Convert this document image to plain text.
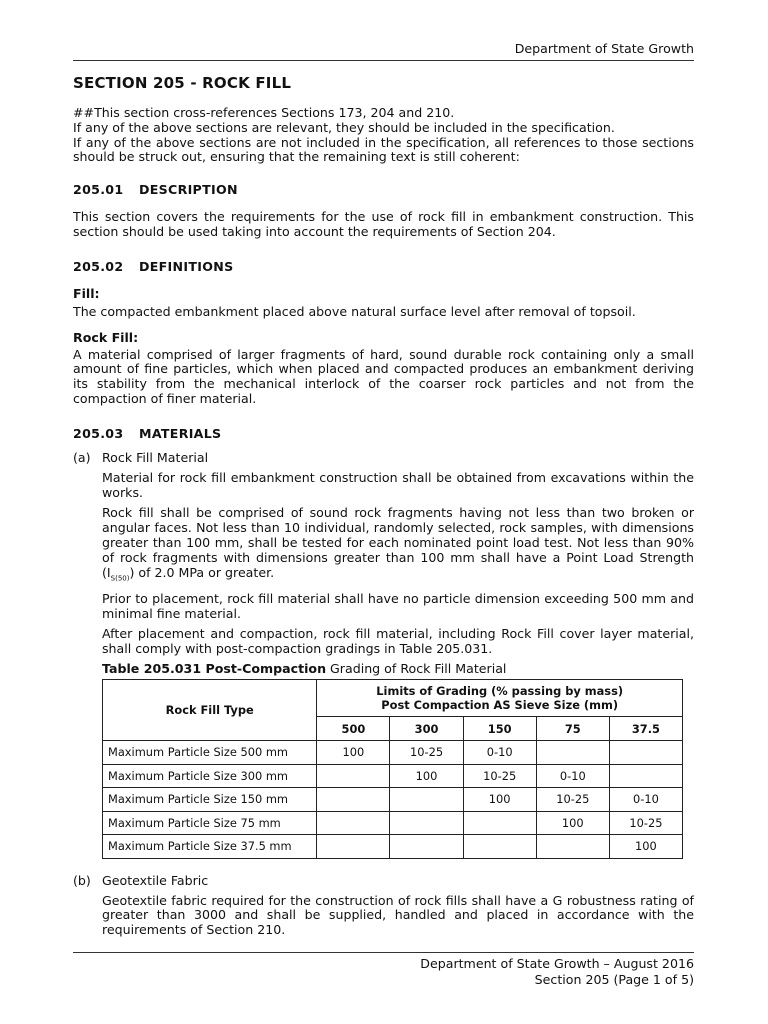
Department of State Growth
SECTION 205 - ROCK FILL

##This section cross-references Sections 173, 204 and 210.

If any of the above sections are relevant, they should be included in the specification.

If any of the above sections are not included in the specification, all references to those sections should be struck out, ensuring that the remaining text is still coherent:

205.01 DESCRIPTION

This section covers the requirements for the use of rock fill in embankment construction. This section should be used taking into account the requirements of Section 204.

205.02 DEFINITIONS
Fill:

The compacted embankment placed above natural surface level after removal of topsoil.

Rock Fill:

A material comprised of larger fragments of hard, sound durable rock containing only a small amount of fine particles, which when placed and compacted produces an embankment deriving its stability from the mechanical interlock of the coarser rock particles and not from the compaction of finer material.

205.03 MATERIALS
(a) Rock Fill Material

Material for rock fill embankment construction shall be obtained from excavations within the works.

Rock fill shall be comprised of sound rock fragments having not less than two broken or angular faces. Not less than 10 individual, randomly selected, rock samples, with dimensions greater than 100 mm, shall be tested for each nominated point load test. Not less than 90% of rock fragments with dimensions greater than 100 mm shall have a Point Load Strength $(I_{S(50)})$ of 2.0 MPa or greater.

Prior to placement, rock fill material shall have no particle dimension exceeding 500 mm and minimal fine material.

After placement and compaction, rock fill material, including Rock Fill cover layer material, shall comply with post-compaction gradings in Table 205.031.

Table 205.031 Post-Compaction Grading of Rock Fill Material
Rock Fill Type	Limits of Grading (% passing by mass)
Post Compaction AS Sieve Size (mm)				

	500	300	150	75	37.5
Maximum Particle Size 500 mm	100	10-25	0-10		
Maximum Particle Size 300 mm		100	10-25	0-10	
Maximum Particle Size 150 mm			100	10-25	0-10
Maximum Particle Size 75 mm				100	10-25
Maximum Particle Size 37.5 mm					100
(b) Geotextile Fabric

Geotextile fabric required for the construction of rock fills shall have a G robustness rating of greater than 3000 and shall be supplied, handled and placed in accordance with the requirements of Section 210.

Department of State Growth – August 2016
Section 205 (Page 1 of 5)
